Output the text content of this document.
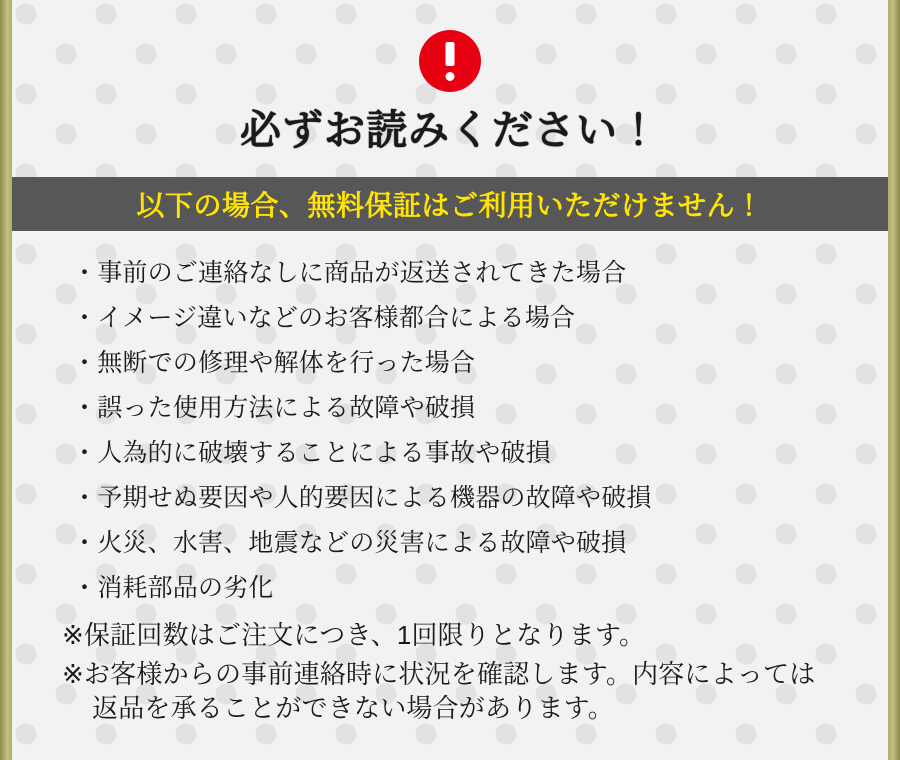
必ずお読みください！
以下の場合、無料保証はご利用いただけません！
・事前のご連絡なしに商品が返送されてきた場合
・イメージ違いなどのお客様都合による場合
・無断での修理や解体を行った場合
・誤った使用方法による故障や破損
・人為的に破壊することによる事故や破損
・予期せぬ要因や人的要因による機器の故障や破損
・火災、水害、地震などの災害による故障や破損
・消耗部品の劣化
※保証回数はご注文につき、1回限りとなります。
※お客様からの事前連絡時に状況を確認します。内容によっては
返品を承ることができない場合があります。
